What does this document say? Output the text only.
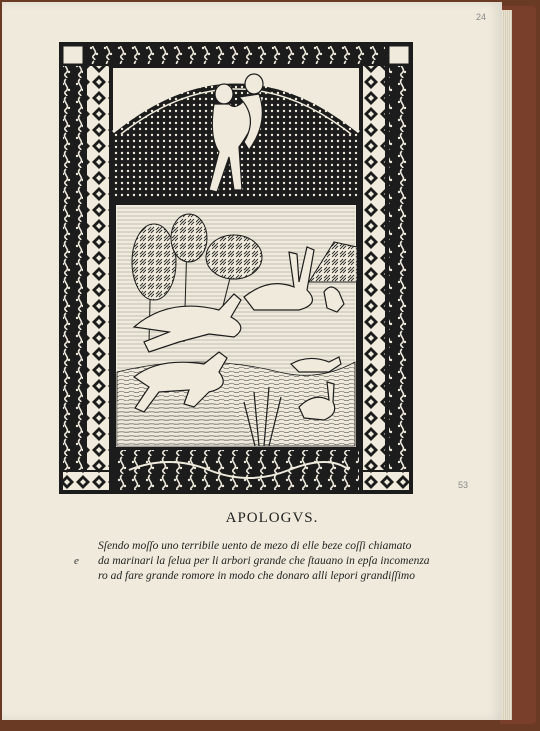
24
53
APOLOGVS.
e
Sſendo moſſo uno terribile uento de mezo di elle beze coſſi chiamato
da marinari la ſelua per li arbori grande che ſtauano in epſa incomenza
ro ad fare grande romore in modo che donaro alli lepori grandiſſimo
